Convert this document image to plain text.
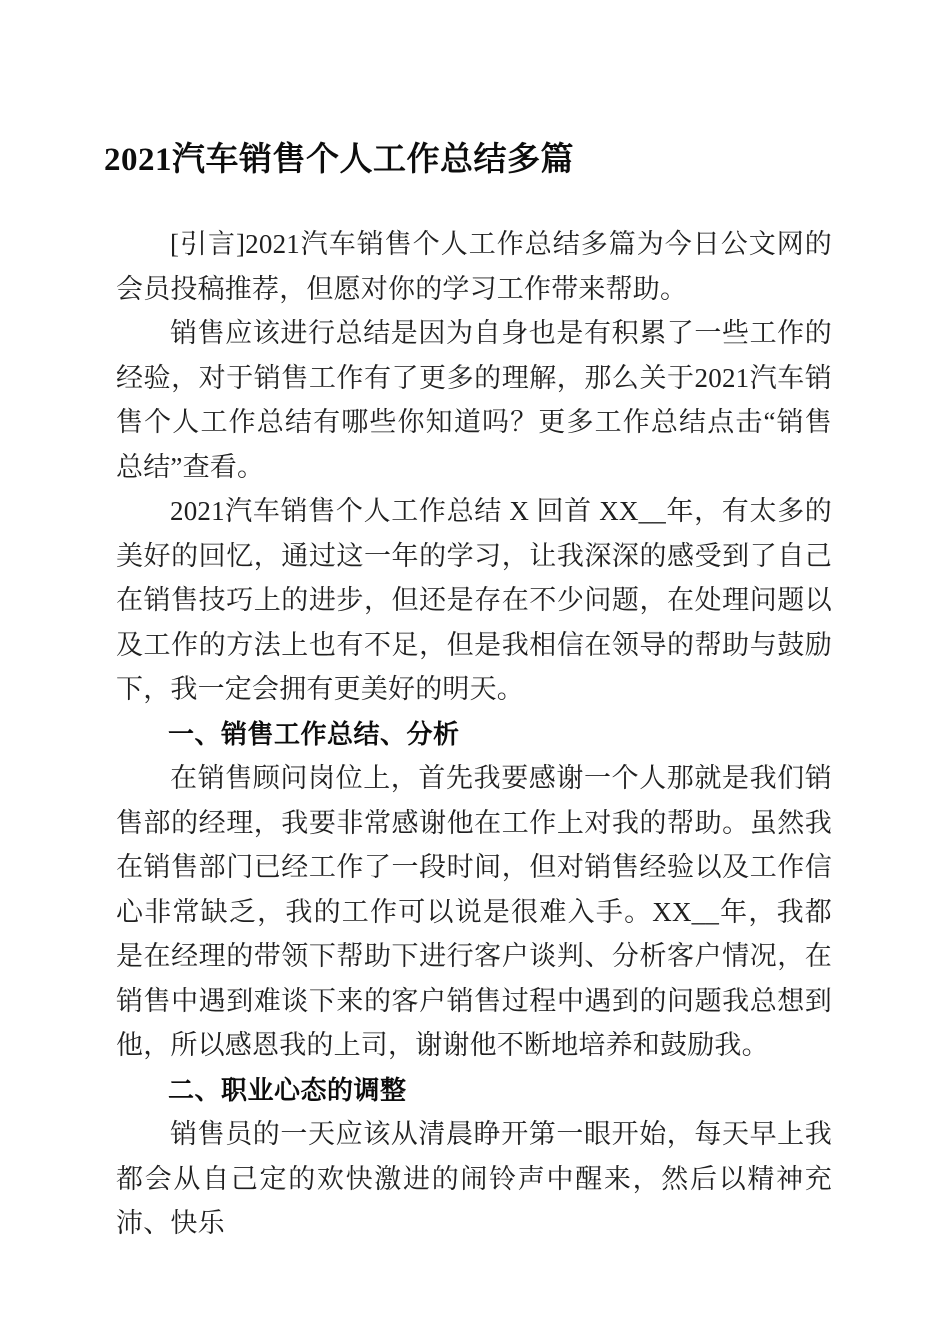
2021汽车销售个人工作总结多篇

[引言]2021汽车销售个人工作总结多篇为今日公文网的会员投稿推荐，但愿对你的学习工作带来帮助。

销售应该进行总结是因为自身也是有积累了一些工作的经验，对于销售工作有了更多的理解，那么关于2021汽车销售个人工作总结有哪些你知道吗？更多工作总结点击“销售总结”查看。

2021汽车销售个人工作总结 X 回首 XX__年，有太多的美好的回忆，通过这一年的学习，让我深深的感受到了自己在销售技巧上的进步，但还是存在不少问题，在处理问题以及工作的方法上也有不足，但是我相信在领导的帮助与鼓励下，我一定会拥有更美好的明天。

一、销售工作总结、分析

在销售顾问岗位上，首先我要感谢一个人那就是我们销售部的经理，我要非常感谢他在工作上对我的帮助。虽然我在销售部门已经工作了一段时间，但对销售经验以及工作信心非常缺乏，我的工作可以说是很难入手。XX__年，我都是在经理的带领下帮助下进行客户谈判、分析客户情况，在销售中遇到难谈下来的客户销售过程中遇到的问题我总想到他，所以感恩我的上司，谢谢他不断地培养和鼓励我。

二、职业心态的调整

销售员的一天应该从清晨睁开第一眼开始，每天早上我都会从自己定的欢快激进的闹铃声中醒来，然后以精神充沛、快乐
